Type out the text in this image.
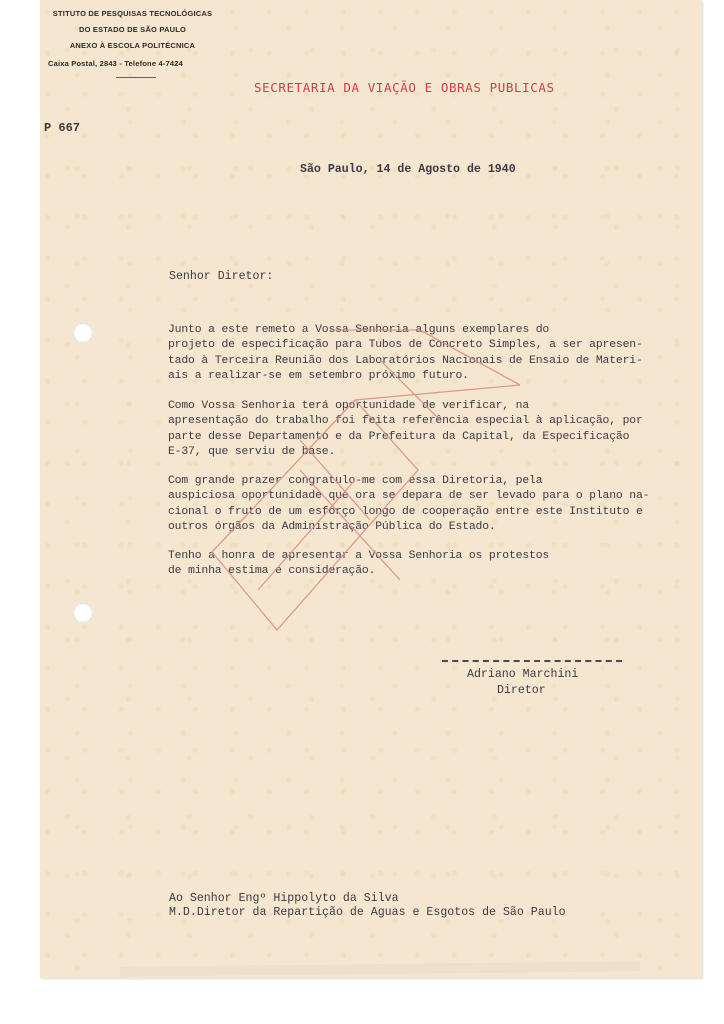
STITUTO DE PESQUISAS TECNOLÓGICAS
DO ESTADO DE SÃO PAULO
ANEXO À ESCOLA POLITÉCNICA
Caixa Postal, 2843 - Telefone 4-7424
SECRETARIA DA VIAÇÃO E OBRAS PUBLICAS
P 667
São Paulo, 14 de Agosto de 1940
Senhor Diretor:
Junto a este remeto a Vossa Senhoria alguns exemplares do
projeto de especificação para Tubos de Concreto Simples, a ser apresen-
tado à Terceira Reunião dos Laboratórios Nacionais de Ensaio de Materi-
ais a realizar-se em setembro próximo futuro.
Como Vossa Senhoria terá oportunidade de verificar, na
apresentação do trabalho foi feita referência especial à aplicação, por
parte desse Departamento e da Prefeitura da Capital, da Especificação
E-37, que serviu de base.
Com grande prazer congratulo-me com essa Diretoria, pela
auspiciosa oportunidade que ora se depara de ser levado para o plano na-
cional o fruto de um esforço longo de cooperação entre este Instituto e
outros órgãos da Administração Pública do Estado.
Tenho a honra de apresentar a Vossa Senhoria os protestos
de minha estima e consideração.
Adriano Marchini
Diretor
Ao Senhor Engº Hippolyto da Silva
M.D.Diretor da Repartição de Aguas e Esgotos de São Paulo
